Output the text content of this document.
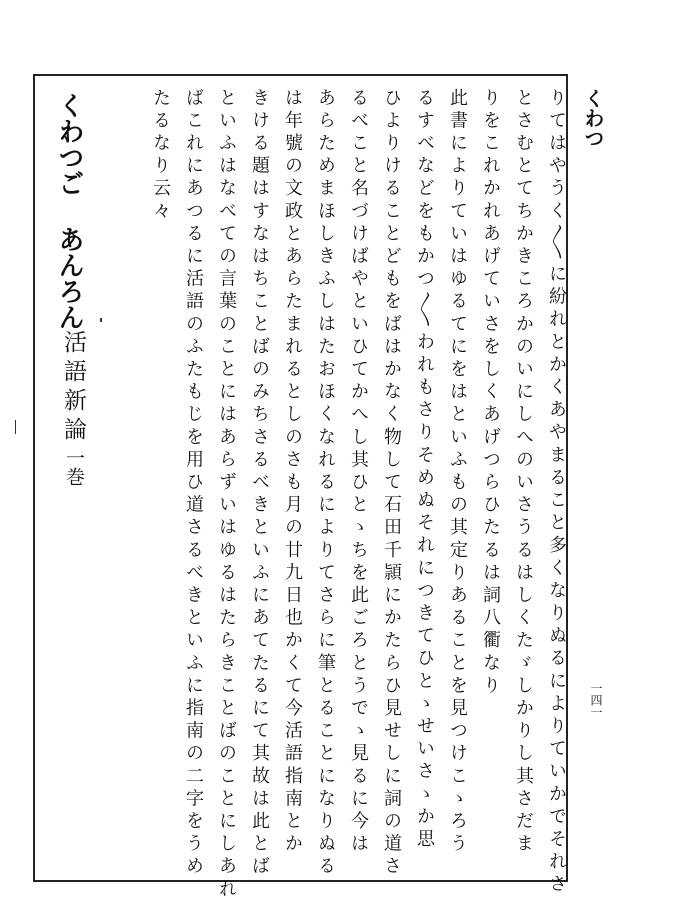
くわつ
一四一
りてはやうく〳〵に紛れとかくあやまること多くなりぬるによりていかでそれさ
とさむとてちかきころかのいにしへのいさうるはしくたゞしかりし其さだま
りをこれかれあげていさをしくあげつらひたるは詞八衢なり
此書によりていはゆるてにをはといふもの其定りあることを見つけこゝろう
るすべなどをもかつ〳〵われもさりそめぬそれにつきてひとゝせいさゝか思
ひよりけることどもをばはかなく物して石田千頴にかたらひ見せしに詞の道さ
るべこと名づけばやといひてかへし其ひとゝちを此ごろとうでゝ見るに今は
あらためまほしきふしはたおほくなれるによりてさらに筆とることになりぬる
は年號の文政とあらたまれるとしのさも月の廿九日也かくて今活語指南とか
きける題はすなはちことばのみちさるべきといふにあてたるにて其故は此とば
といふはなべての言葉のことにはあらずいはゆるはたらきことばのことにしあれ
ばこれにあつるに活語のふたもじを用ひ道さるべきといふに指南の二字をうめ
たるなり云々
くわつご あんろん
活語新論
一巻
